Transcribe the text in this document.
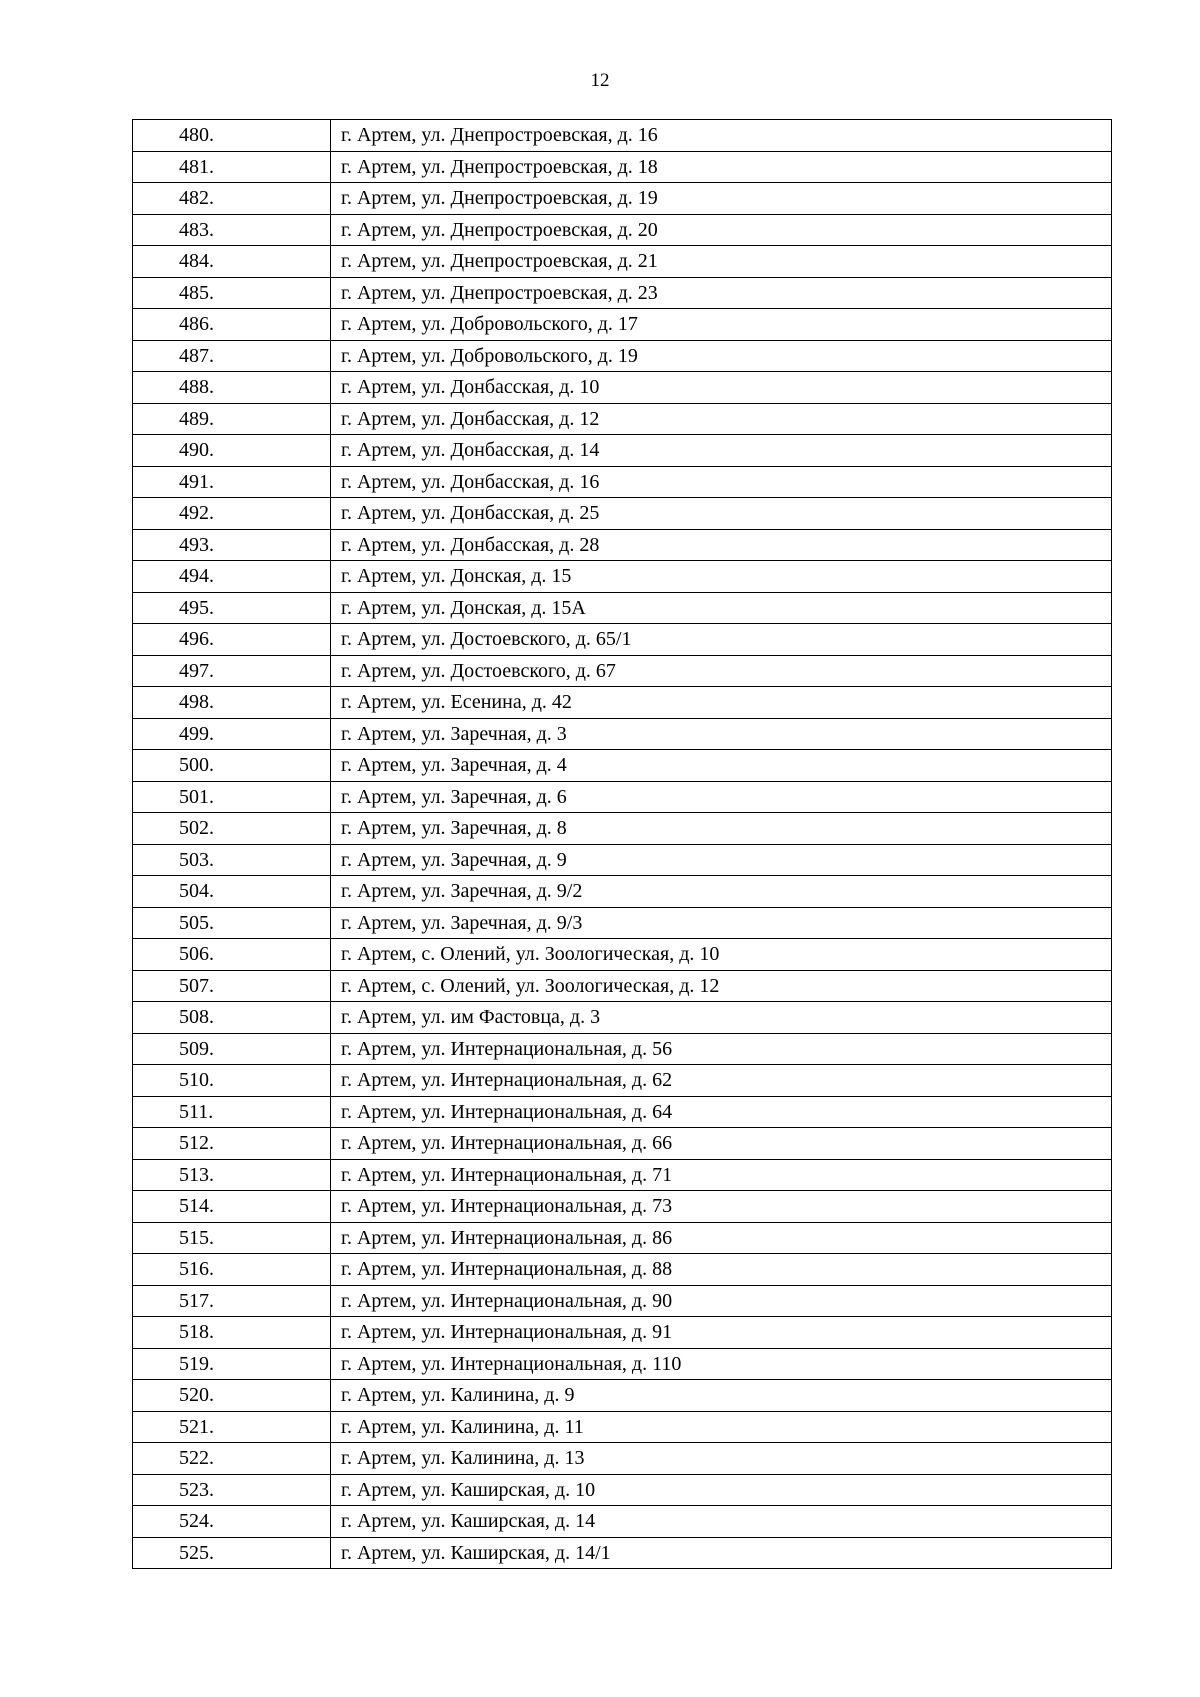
12
480.	г. Артем, ул. Днепростроевская, д. 16
481.	г. Артем, ул. Днепростроевская, д. 18
482.	г. Артем, ул. Днепростроевская, д. 19
483.	г. Артем, ул. Днепростроевская, д. 20
484.	г. Артем, ул. Днепростроевская, д. 21
485.	г. Артем, ул. Днепростроевская, д. 23
486.	г. Артем, ул. Добровольского, д. 17
487.	г. Артем, ул. Добровольского, д. 19
488.	г. Артем, ул. Донбасская, д. 10
489.	г. Артем, ул. Донбасская, д. 12
490.	г. Артем, ул. Донбасская, д. 14
491.	г. Артем, ул. Донбасская, д. 16
492.	г. Артем, ул. Донбасская, д. 25
493.	г. Артем, ул. Донбасская, д. 28
494.	г. Артем, ул. Донская, д. 15
495.	г. Артем, ул. Донская, д. 15А
496.	г. Артем, ул. Достоевского, д. 65/1
497.	г. Артем, ул. Достоевского, д. 67
498.	г. Артем, ул. Есенина, д. 42
499.	г. Артем, ул. Заречная, д. 3
500.	г. Артем, ул. Заречная, д. 4
501.	г. Артем, ул. Заречная, д. 6
502.	г. Артем, ул. Заречная, д. 8
503.	г. Артем, ул. Заречная, д. 9
504.	г. Артем, ул. Заречная, д. 9/2
505.	г. Артем, ул. Заречная, д. 9/3
506.	г. Артем, с. Олений, ул. Зоологическая, д. 10
507.	г. Артем, с. Олений, ул. Зоологическая, д. 12
508.	г. Артем, ул. им Фастовца, д. 3
509.	г. Артем, ул. Интернациональная, д. 56
510.	г. Артем, ул. Интернациональная, д. 62
511.	г. Артем, ул. Интернациональная, д. 64
512.	г. Артем, ул. Интернациональная, д. 66
513.	г. Артем, ул. Интернациональная, д. 71
514.	г. Артем, ул. Интернациональная, д. 73
515.	г. Артем, ул. Интернациональная, д. 86
516.	г. Артем, ул. Интернациональная, д. 88
517.	г. Артем, ул. Интернациональная, д. 90
518.	г. Артем, ул. Интернациональная, д. 91
519.	г. Артем, ул. Интернациональная, д. 110
520.	г. Артем, ул. Калинина, д. 9
521.	г. Артем, ул. Калинина, д. 11
522.	г. Артем, ул. Калинина, д. 13
523.	г. Артем, ул. Каширская, д. 10
524.	г. Артем, ул. Каширская, д. 14
525.	г. Артем, ул. Каширская, д. 14/1
